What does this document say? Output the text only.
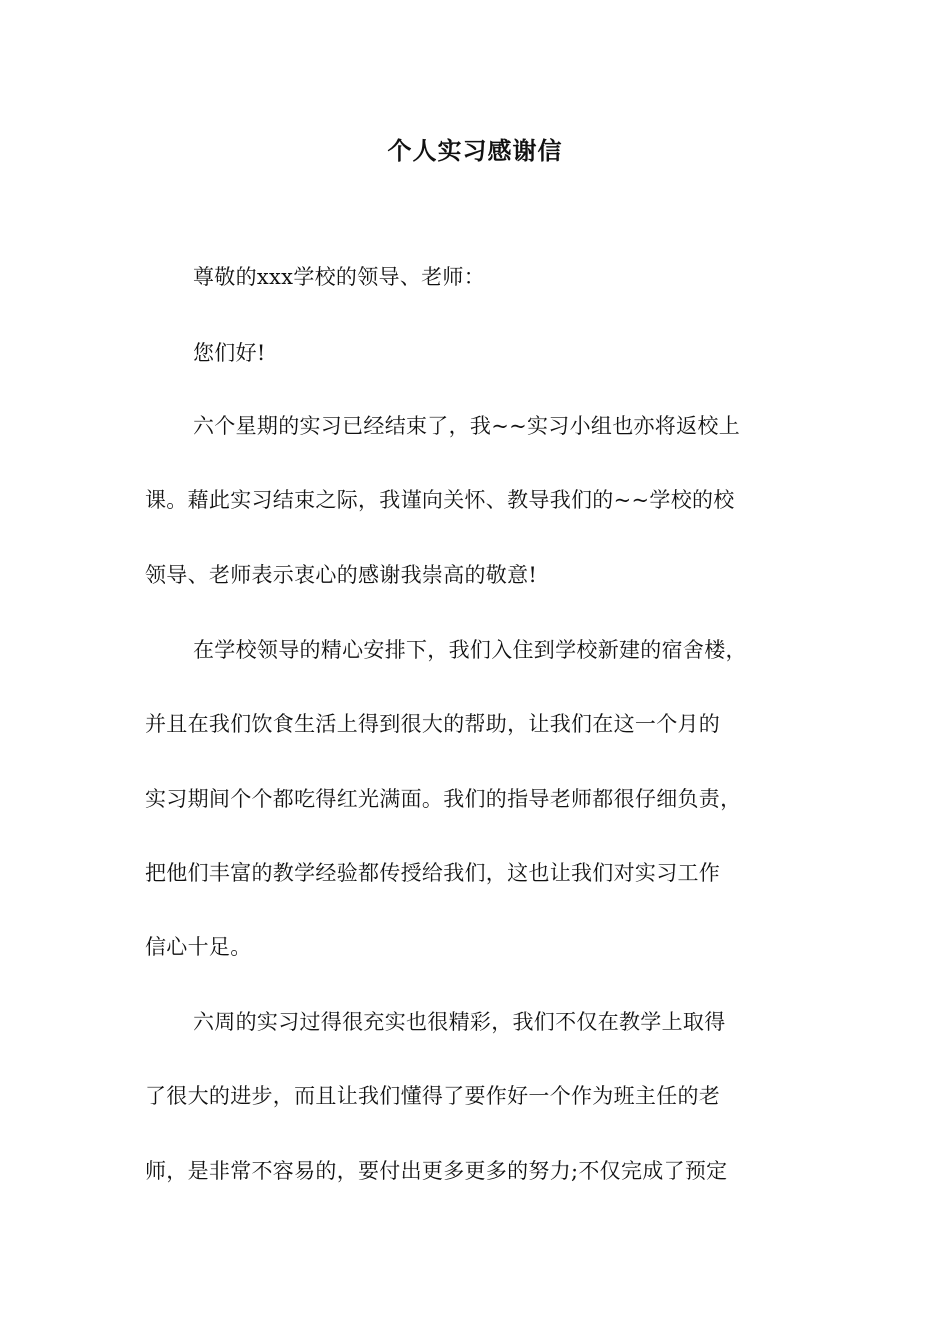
个人实习感谢信
尊敬的xxx学校的领导、老师：
您们好!
六个星期的实习已经结束了，我~~实习小组也亦将返校上
课。藉此实习结束之际，我谨向关怀、教导我们的~~学校的校
领导、老师表示衷心的感谢我崇高的敬意!
在学校领导的精心安排下，我们入住到学校新建的宿舍楼，
并且在我们饮食生活上得到很大的帮助，让我们在这一个月的
实习期间个个都吃得红光满面。我们的指导老师都很仔细负责，
把他们丰富的教学经验都传授给我们，这也让我们对实习工作
信心十足。
六周的实习过得很充实也很精彩，我们不仅在教学上取得
了很大的进步，而且让我们懂得了要作好一个作为班主任的老
师，是非常不容易的，要付出更多更多的努力;不仅完成了预定
